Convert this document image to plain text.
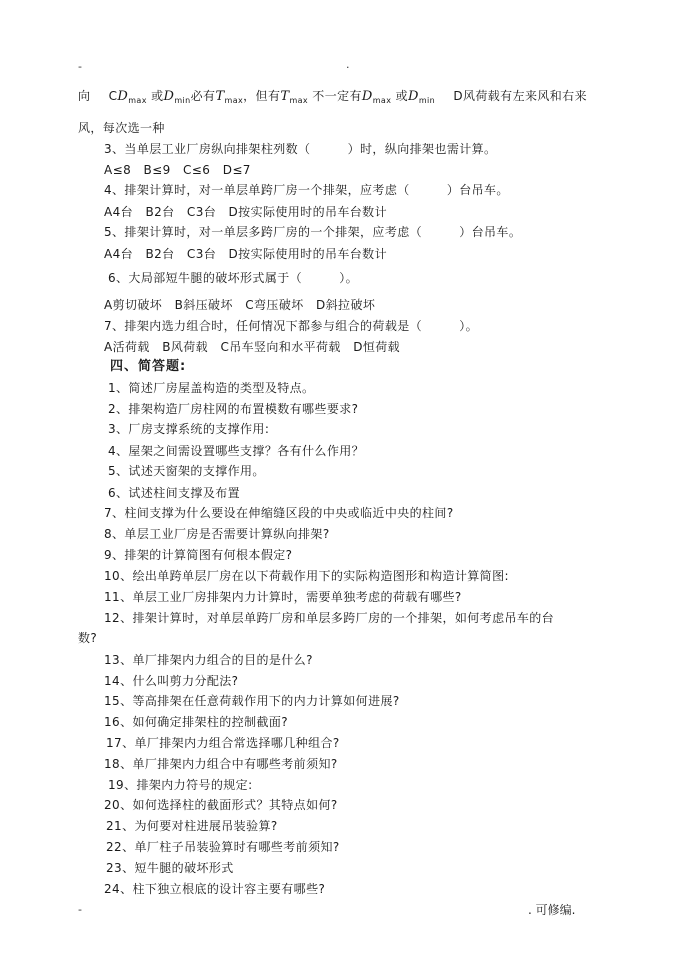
-	.
向 $CD_{max}$ 或$D_{min}$必有$T_{max}$，但有$T_{max}$ 不一定有$D_{max}$ 或$D_{min}$ D风荷载有左来风和右来
风，每次选一种
3、当单层工业厂房纵向排架柱列数（　　　）时，纵向排架也需计算。
A≤8　B≤9　C≤6　D≤7
4、排架计算时，对一单层单跨厂房一个排架，应考虑（　　　）台吊车。
A4台　B2台　C3台　D按实际使用时的吊车台数计
5、排架计算时，对一单层多跨厂房的一个排架，应考虑（　　　）台吊车。
A4台　B2台　C3台　D按实际使用时的吊车台数计
6、大局部短牛腿的破坏形式属于（　　　）。
A剪切破坏　B斜压破坏　C弯压破坏　D斜拉破坏
7、排架内选力组合时，任何情况下都参与组合的荷载是（　　　）。
A活荷载　B风荷载　C吊车竖向和水平荷载　D恒荷载
四、简答题:
1、简述厂房屋盖构造的类型及特点。
2、排架构造厂房柱网的布置模数有哪些要求?
3、厂房支撑系统的支撑作用:
4、屋架之间需设置哪些支撑？各有什么作用？
5、试述天窗架的支撑作用。
6、试述柱间支撑及布置
7、柱间支撑为什么要设在伸缩缝区段的中央或临近中央的柱间?
8、单层工业厂房是否需要计算纵向排架?
9、排架的计算简图有何根本假定?
10、绘出单跨单层厂房在以下荷载作用下的实际构造图形和构造计算简图:
11、单层工业厂房排架内力计算时，需要单独考虑的荷载有哪些?
12、排架计算时，对单层单跨厂房和单层多跨厂房的一个排架，如何考虑吊车的台
数?
13、单厂排架内力组合的目的是什么?
14、什么叫剪力分配法?
15、等高排架在任意荷载作用下的内力计算如何进展?
16、如何确定排架柱的控制截面?
17、单厂排架内力组合常选择哪几种组合?
18、单厂排架内力组合中有哪些考前须知?
19、排架内力符号的规定:
20、如何选择柱的截面形式？其特点如何?
21、为何要对柱进展吊装验算?
22、单厂柱子吊装验算时有哪些考前须知?
23、短牛腿的破坏形式
24、柱下独立根底的设计容主要有哪些?
-	. 可修编.
